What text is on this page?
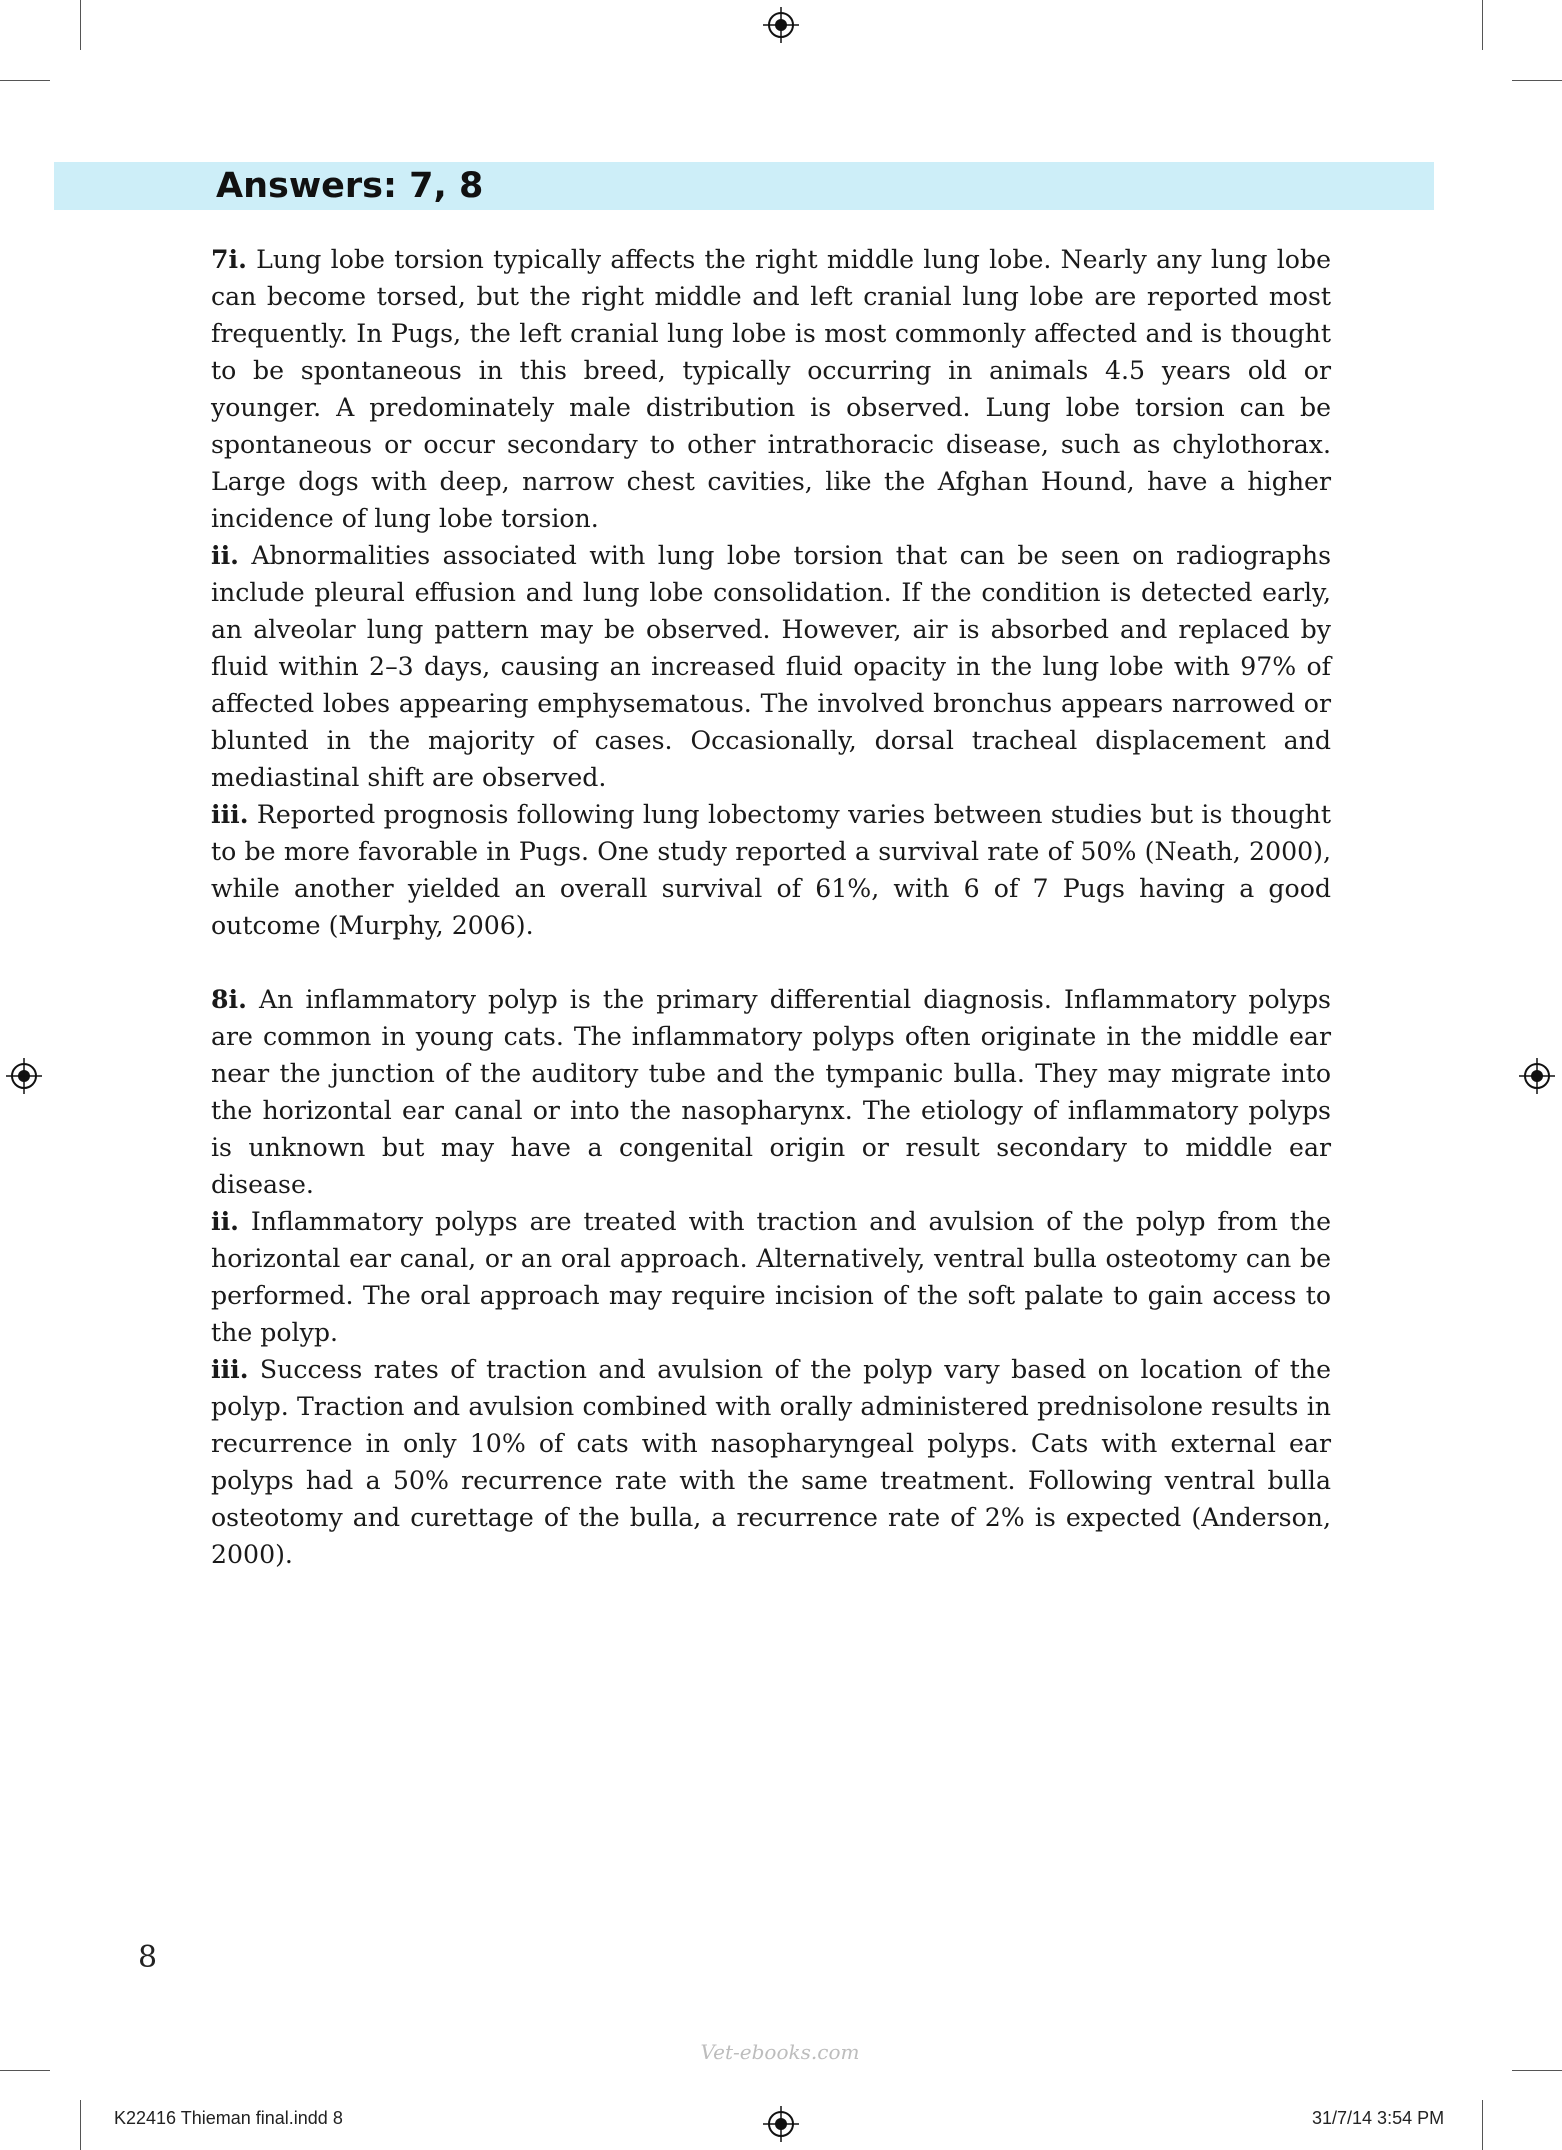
Answers: 7, 8

7i. Lung lobe torsion typically affects the right middle lung lobe. Nearly any lung lobe can become torsed, but the right middle and left cranial lung lobe are reported most frequently. In Pugs, the left cranial lung lobe is most commonly affected and is thought to be spontaneous in this breed, typically occurring in animals 4.5 years old or younger. A predominately male distribution is observed. Lung lobe torsion can be spontaneous or occur secondary to other intrathoracic disease, such as chylothorax. Large dogs with deep, narrow chest cavities, like the Afghan Hound, have a higher incidence of lung lobe torsion.

ii. Abnormalities associated with lung lobe torsion that can be seen on radiographs include pleural effusion and lung lobe consolidation. If the condition is detected early, an alveolar lung pattern may be observed. However, air is absorbed and replaced by fluid within 2–3 days, causing an increased fluid opacity in the lung lobe with 97% of affected lobes appearing emphysematous. The involved bronchus appears narrowed or blunted in the majority of cases. Occasionally, dorsal tracheal displacement and mediastinal shift are observed.

iii. Reported prognosis following lung lobectomy varies between studies but is thought to be more favorable in Pugs. One study reported a survival rate of 50% (Neath, 2000), while another yielded an overall survival of 61%, with 6 of 7 Pugs having a good outcome (Murphy, 2006).

8i. An inflammatory polyp is the primary differential diagnosis. Inflammatory polyps are common in young cats. The inflammatory polyps often originate in the middle ear near the junction of the auditory tube and the tympanic bulla. They may migrate into the horizontal ear canal or into the nasopharynx. The etiology of inflammatory polyps is unknown but may have a congenital origin or result secondary to middle ear disease.

ii. Inflammatory polyps are treated with traction and avulsion of the polyp from the horizontal ear canal, or an oral approach. Alternatively, ventral bulla osteotomy can be performed. The oral approach may require incision of the soft palate to gain access to the polyp.

iii. Success rates of traction and avulsion of the polyp vary based on location of the polyp. Traction and avulsion combined with orally administered prednisolone results in recurrence in only 10% of cats with nasopharyngeal polyps. Cats with external ear polyps had a 50% recurrence rate with the same treatment. Following ventral bulla osteotomy and curettage of the bulla, a recurrence rate of 2% is expected (Anderson, 2000).

8
Vet-ebooks.com
K22416 Thieman final.indd 8	31/7/14 3:54 PM
